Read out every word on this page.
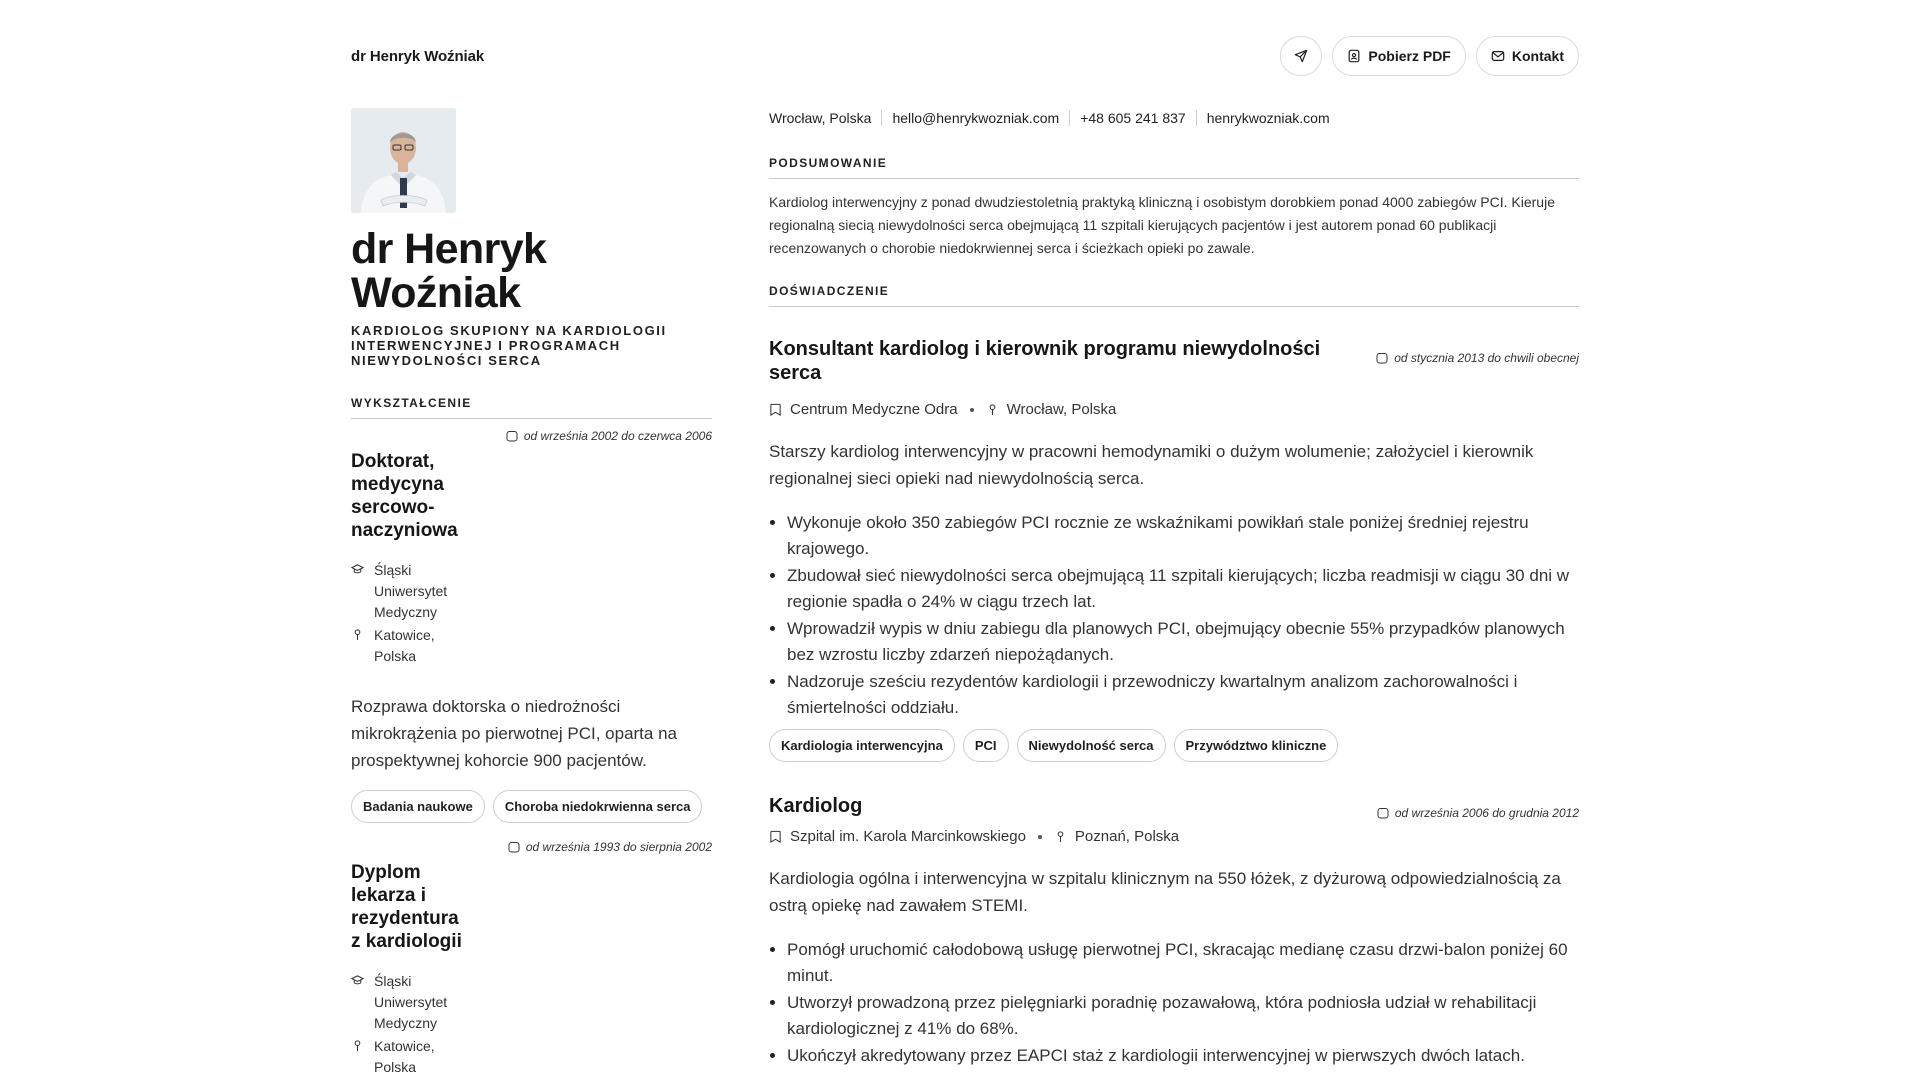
dr Henryk Woźniak	Pobierz PDF	Kontakt
dr Henryk Woźniak
KARDIOLOG SKUPIONY NA KARDIOLOGII INTERWENCYJNEJ I PROGRAMACH NIEWYDOLNOŚCI SERCA
WYKSZTAŁCENIE
od września 2002 do czerwca 2006
Doktorat, medycyna sercowo-naczyniowa
Śląski Uniwersytet Medyczny
Katowice, Polska
Rozprawa doktorska o niedrożności mikrokrążenia po pierwotnej PCI, oparta na prospektywnej kohorcie 900 pacjentów.
Badania naukowe	Choroba niedokrwienna serca
od września 1993 do sierpnia 2002
Dyplom lekarza i rezydentura z kardiologii
Śląski Uniwersytet Medyczny
Katowice, Polska
Wrocław, Polska hello@henrykwozniak.com +48 605 241 837 henrykwozniak.com
PODSUMOWANIE
Kardiolog interwencyjny z ponad dwudziestoletnią praktyką kliniczną i osobistym dorobkiem ponad 4000 zabiegów PCI. Kieruje regionalną siecią niewydolności serca obejmującą 11 szpitali kierujących pacjentów i jest autorem ponad 60 publikacji recenzowanych o chorobie niedokrwiennej serca i ścieżkach opieki po zawale.
DOŚWIADCZENIE
Konsultant kardiolog i kierownik programu niewydolności serca
od stycznia 2013 do chwili obecnej
Centrum Medyczne Odra	Wrocław, Polska
Starszy kardiolog interwencyjny w pracowni hemodynamiki o dużym wolumenie; założyciel i kierownik regionalnej sieci opieki nad niewydolnością serca.
• Wykonuje około 350 zabiegów PCI rocznie ze wskaźnikami powikłań stale poniżej średniej rejestru krajowego.
• Zbudował sieć niewydolności serca obejmującą 11 szpitali kierujących; liczba readmisji w ciągu 30 dni w regionie spadła o 24% w ciągu trzech lat.
• Wprowadził wypis w dniu zabiegu dla planowych PCI, obejmujący obecnie 55% przypadków planowych bez wzrostu liczby zdarzeń niepożądanych.
• Nadzoruje sześciu rezydentów kardiologii i przewodniczy kwartalnym analizom zachorowalności i śmiertelności oddziału.
Kardiologia interwencyjna	PCI	Niewydolność serca	Przywództwo kliniczne
Kardiolog	od września 2006 do grudnia 2012
Szpital im. Karola Marcinkowskiego	Poznań, Polska
Kardiologia ogólna i interwencyjna w szpitalu klinicznym na 550 łóżek, z dyżurową odpowiedzialnością za ostrą opiekę nad zawałem STEMI.
• Pomógł uruchomić całodobową usługę pierwotnej PCI, skracając medianę czasu drzwi-balon poniżej 60 minut.
• Utworzył prowadzoną przez pielęgniarki poradnię pozawałową, która podniosła udział w rehabilitacji kardiologicznej z 41% do 68%.
• Ukończył akredytowany przez EAPCI staż z kardiologii interwencyjnej w pierwszych dwóch latach.
